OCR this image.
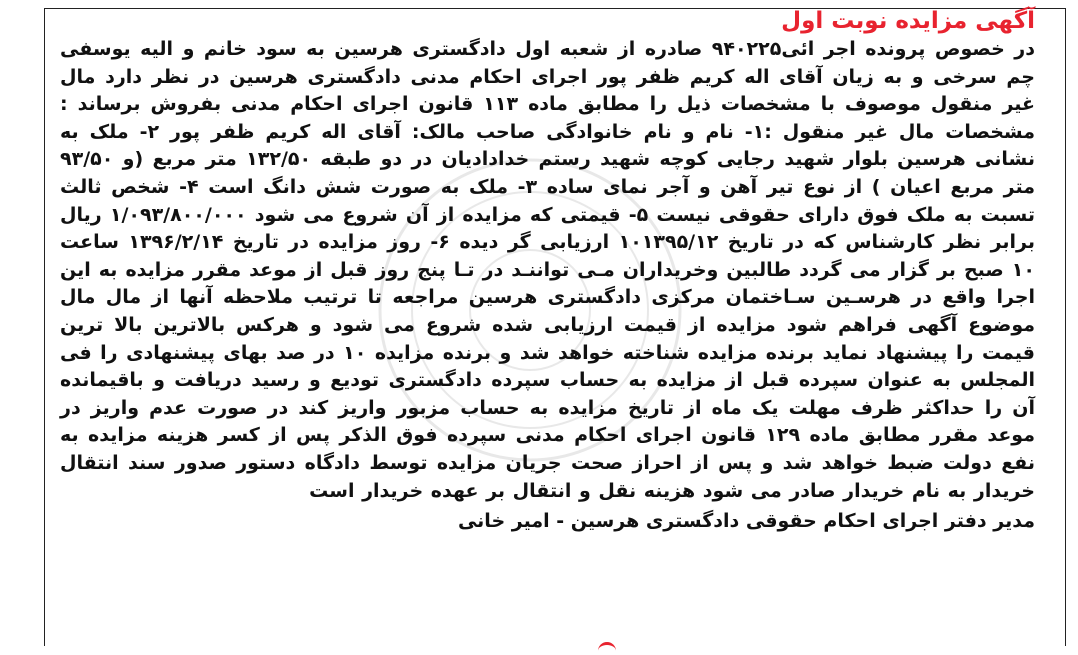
آگهی مزایده نوبت اول

در خصوص پرونده اجر ائی۹۴۰۲۲۵ صادره از شعبه اول دادگستری هرسین به سود خانم و الیه یوسفی چم سرخی و به زیان آقای اله کریم ظفر پور اجرای احکام مدنی دادگستری هرسین در نظر دارد مال غیر منقول موصوف با مشخصات ذیل را مطابق ماده ۱۱۳ قانون اجرای احکام مدنی بفروش برساند : مشخصات مال غیر منقول :۱- نام و نام خانوادگی صاحب مالک: آقای اله کریم ظفر پور ۲- ملک به نشانی هرسین بلوار شهید رجایی کوچه شهید رستم خدادادیان در دو طبقه ۱۳۲/۵۰ متر مربع (و ۹۳/۵۰ متر مربع اعیان ) از نوع تیر آهن و آجر نمای ساده ۳- ملک به صورت شش دانگ است ۴- شخص ثالث تسبت به ملک فوق دارای حقوقی نیست ۵- قیمتی که مزایده از آن شروع می شود ۱/۰۹۳/۸۰۰/۰۰۰ ریال برابر نظر کارشناس که در تاریخ ۱۰۱۳۹۵/۱۲ ارزیابی گر دیده ۶- روز مزایده در تاریخ ۱۳۹۶/۲/۱۴ ساعت ۱۰ صبح بر گزار می گردد طالبین وخریداران مـی تواننـد در تـا پنج روز قبل از موعد مقرر مزایده به این اجرا واقع در هرسـین سـاختمان مرکزی دادگستری هرسین مراجعه تا ترتیب ملاحظه آنها از مال مال موضوع آگهی فراهم شود مزایده از قیمت ارزیابی شده شروع می شود و هرکس بالاترین بالا ترین قیمت را پیشنهاد نماید برنده مزایده شناخته خواهد شد و برنده مزایده ۱۰ در صد بهای پیشنهادی را فی المجلس به عنوان سپرده قبل از مزایده به حساب سپرده دادگستری تودیع و رسید دریافت و باقیمانده آن را حداکثر ظرف مهلت یک ماه از تاریخ مزایده به حساب مزبور واریز کند در صورت عدم واریز در موعد مقرر مطابق ماده ۱۲۹ قانون اجرای احکام مدنی سپرده فوق الذکر پس از کسر هزینه مزایده به نفع دولت ضبط خواهد شد و پس از احراز صحت جریان مزایده توسط دادگاه دستور صدور سند انتقال خریدار به نام خریدار صادر می شود هزینه نقل و انتقال بر عهده خریدار است

مدیر دفتر اجرای احکام حقوقی دادگستری هرسین - امیر خانی
